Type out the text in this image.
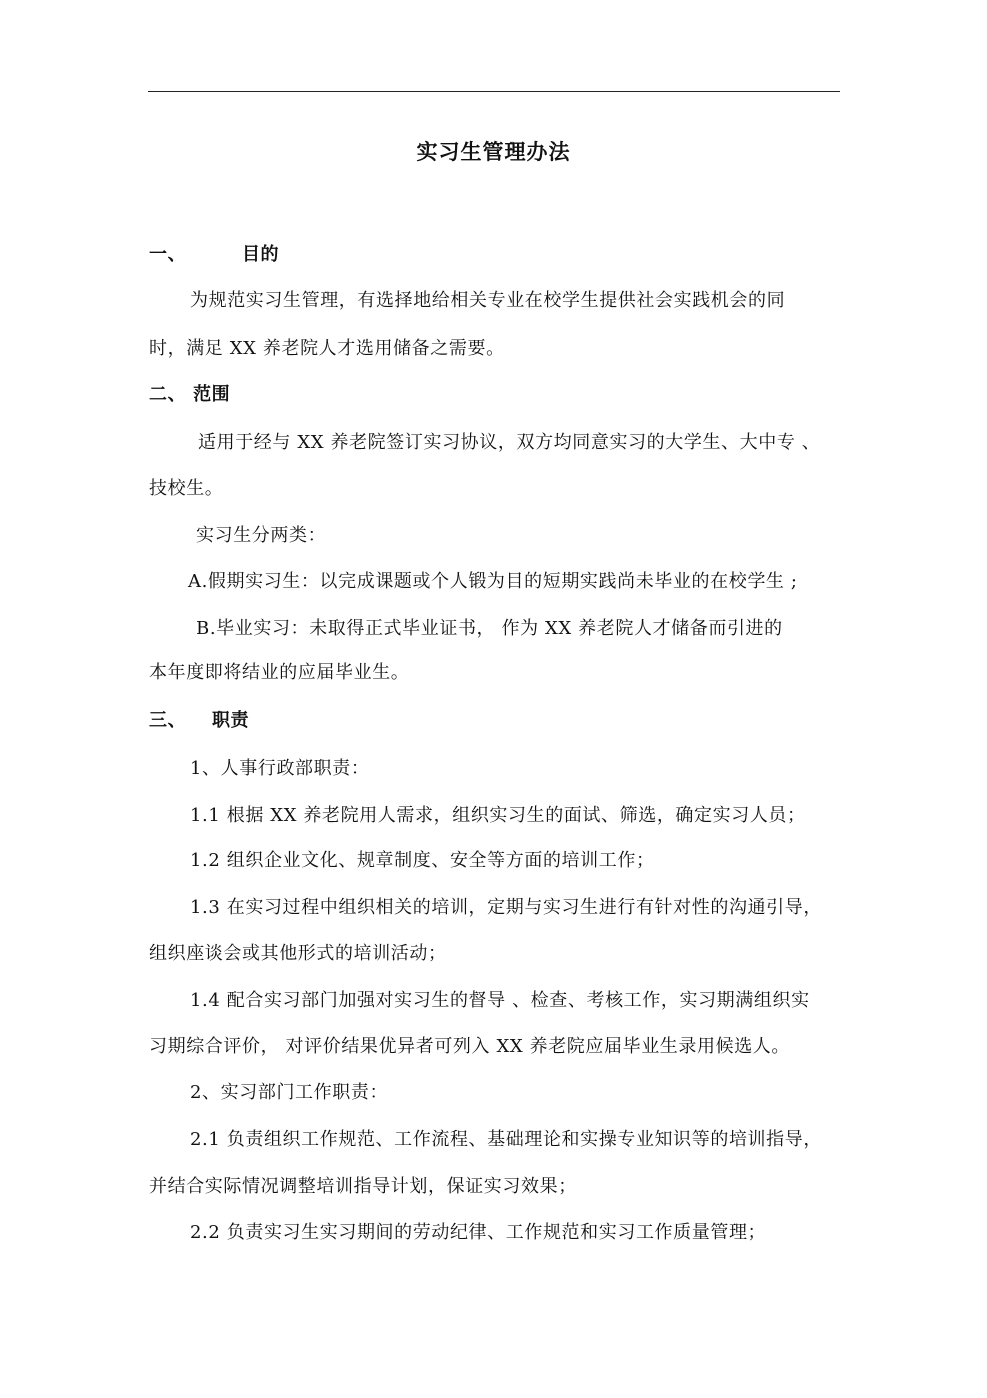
实习生管理办法
一、	目的
为规范实习生管理，有选择地给相关专业在校学生提供社会实践机会的同
时，满足 XX 养老院人才选用储备之需要。
二、 范围
适用于经与 XX 养老院签订实习协议，双方均同意实习的大学生、大中专 、
技校生。
实习生分两类：
A.假期实习生：以完成课题或个人锻为目的短期实践尚未毕业的在校学生 ;
B.毕业实习：未取得正式毕业证书， 作为 XX 养老院人才储备而引进的
本年度即将结业的应届毕业生。
三、 职责
1、人事行政部职责：
1.1 根据 XX 养老院用人需求，组织实习生的面试、筛选，确定实习人员；
1.2 组织企业文化、规章制度、安全等方面的培训工作；
1.3 在实习过程中组织相关的培训，定期与实习生进行有针对性的沟通引导，
组织座谈会或其他形式的培训活动；
1.4 配合实习部门加强对实习生的督导 、检查、考核工作，实习期满组织实
习期综合评价， 对评价结果优异者可列入 XX 养老院应届毕业生录用候选人。
2、实习部门工作职责：
2.1 负责组织工作规范、工作流程、基础理论和实操专业知识等的培训指导，
并结合实际情况调整培训指导计划，保证实习效果；
2.2 负责实习生实习期间的劳动纪律、工作规范和实习工作质量管理；
